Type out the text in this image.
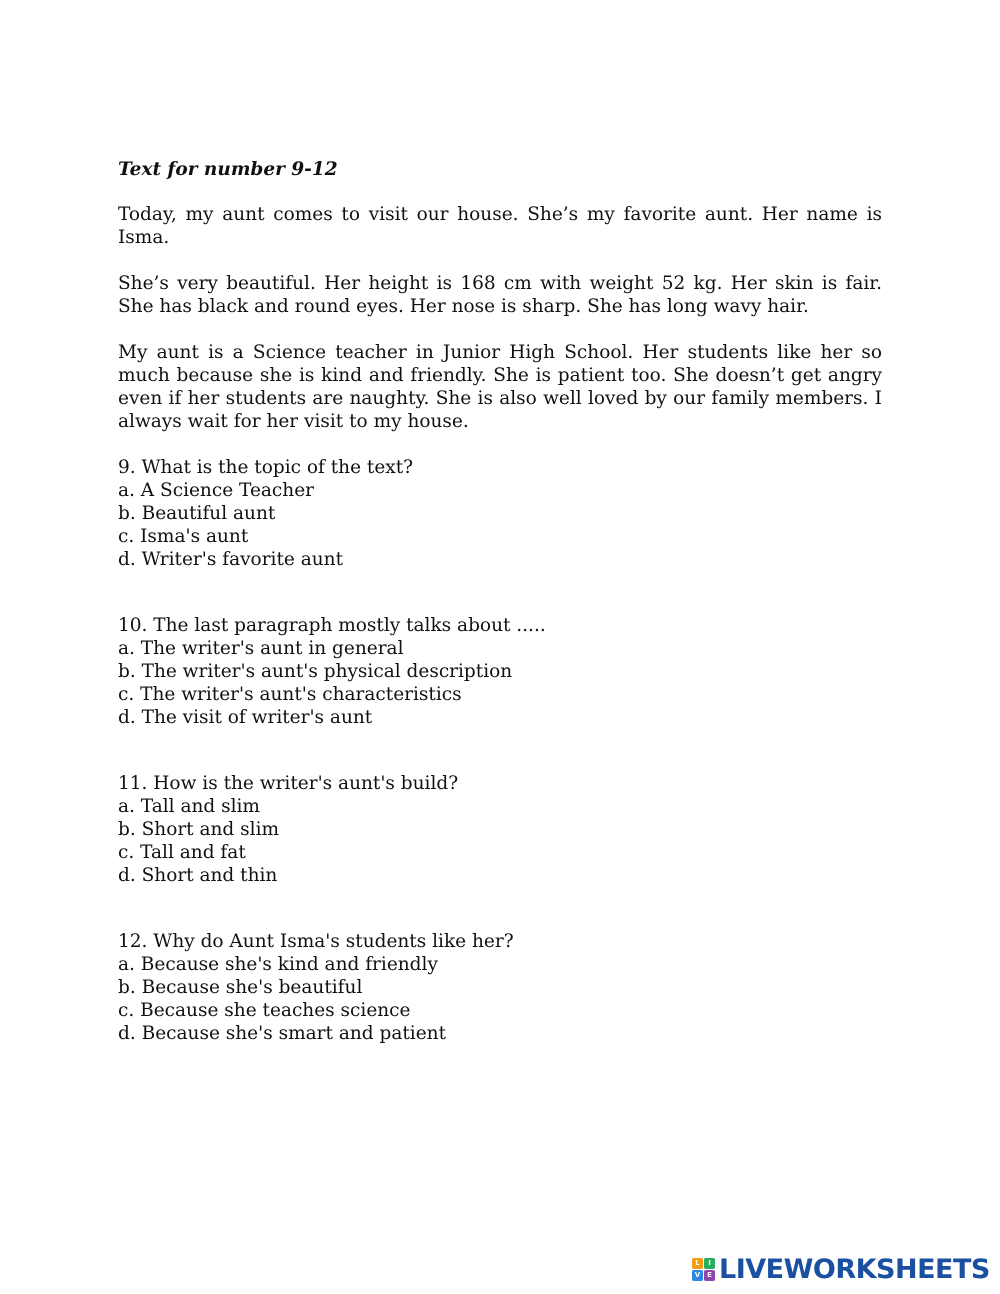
Text for number 9-12

Today, my aunt comes to visit our house. She’s my favorite aunt. Her name is Isma.

She’s very beautiful. Her height is 168 cm with weight 52 kg. Her skin is fair. She has black and round eyes. Her nose is sharp. She has long wavy hair.

My aunt is a Science teacher in Junior High School. Her students like her so much because she is kind and friendly. She is patient too. She doesn’t get angry even if her students are naughty. She is also well loved by our family members. I always wait for her visit to my house.

9. What is the topic of the text?

a. A Science Teacher

b. Beautiful aunt

c. Isma's aunt

d. Writer's favorite aunt

10. The last paragraph mostly talks about .....

a. The writer's aunt in general

b. The writer's aunt's physical description

c. The writer's aunt's characteristics

d. The visit of writer's aunt

11. How is the writer's aunt's build?

a. Tall and slim

b. Short and slim

c. Tall and fat

d. Short and thin

12. Why do Aunt Isma's students like her?

a. Because she's kind and friendly

b. Because she's beautiful

c. Because she teaches science

d. Because she's smart and patient

L	I
V E LIVEWORKSHEETS
